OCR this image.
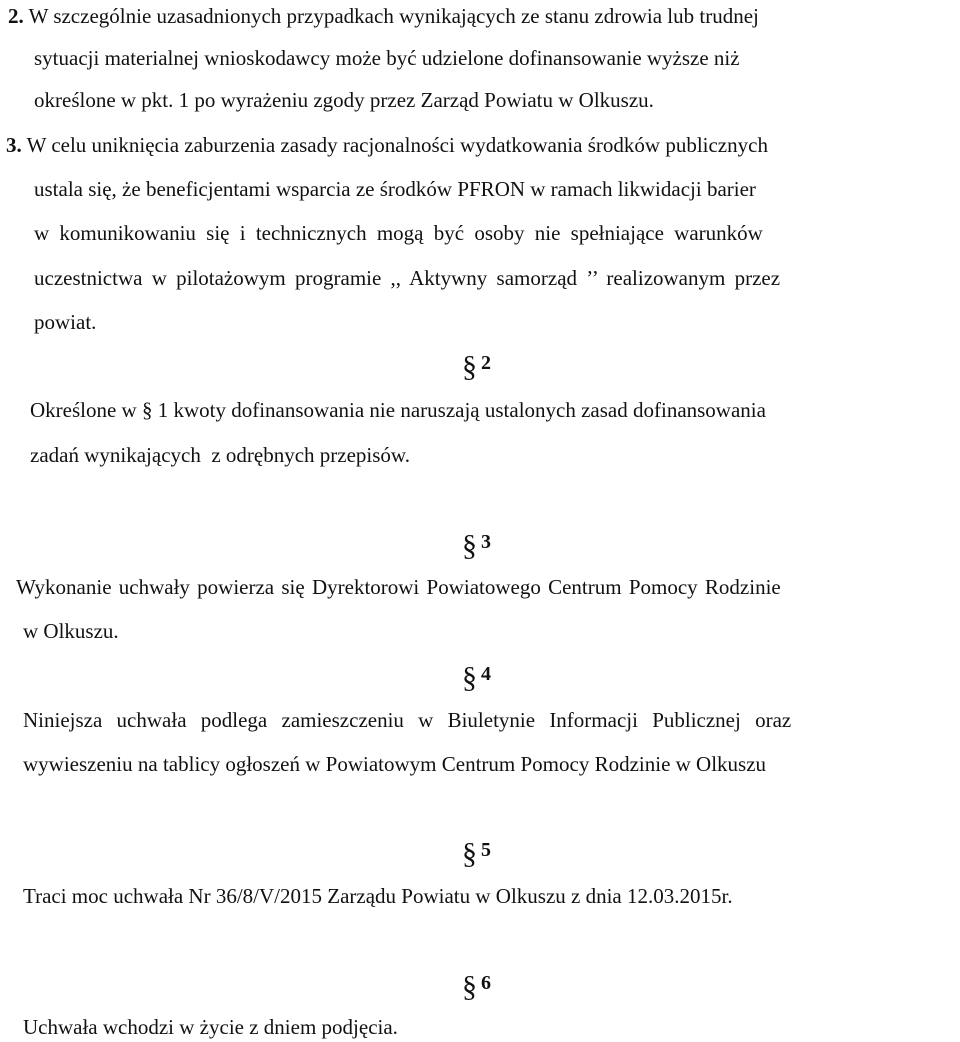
2. W szczególnie uzasadnionych przypadkach wynikających ze stanu zdrowia lub trudnej
sytuacji materialnej wnioskodawcy może być udzielone dofinansowanie wyższe niż
określone w pkt. 1 po wyrażeniu zgody przez Zarząd Powiatu w Olkuszu.
3. W celu uniknięcia zaburzenia zasady racjonalności wydatkowania środków publicznych
ustala się, że beneficjentami wsparcia ze środków PFRON w ramach likwidacji barier
w komunikowaniu się i technicznych mogą być osoby nie spełniające warunków
uczestnictwa w pilotażowym programie ,, Aktywny samorząd ’’ realizowanym przez
powiat.
§ $^2$
Określone w § 1 kwoty dofinansowania nie naruszają ustalonych zasad dofinansowania
zadań wynikających  z odrębnych przepisów.
§ $^3$
Wykonanie uchwały powierza się Dyrektorowi Powiatowego Centrum Pomocy Rodzinie
w Olkuszu.
§ $^4$
Niniejsza uchwała podlega zamieszczeniu w Biuletynie Informacji Publicznej oraz
wywieszeniu na tablicy ogłoszeń w Powiatowym Centrum Pomocy Rodzinie w Olkuszu
§ $^5$
Traci moc uchwała Nr 36/8/V/2015 Zarządu Powiatu w Olkuszu z dnia 12.03.2015r.
§ $^6$
Uchwała wchodzi w życie z dniem podjęcia.
